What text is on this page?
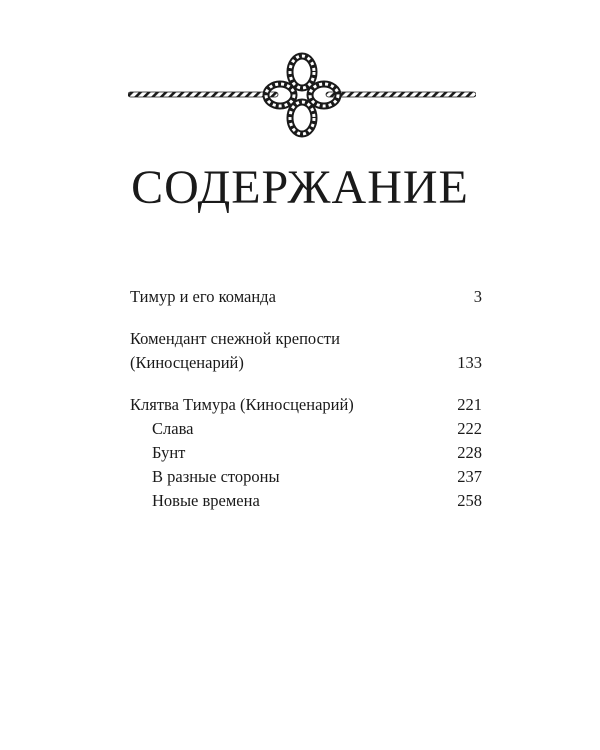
СОДЕРЖАНИЕ
Тимур и его команда	3
Комендант снежной крепости
(Киносценарий)	133
Клятва Тимура (Киносценарий)	221
Слава	222
Бунт	228
В разные стороны	237
Новые времена	258
